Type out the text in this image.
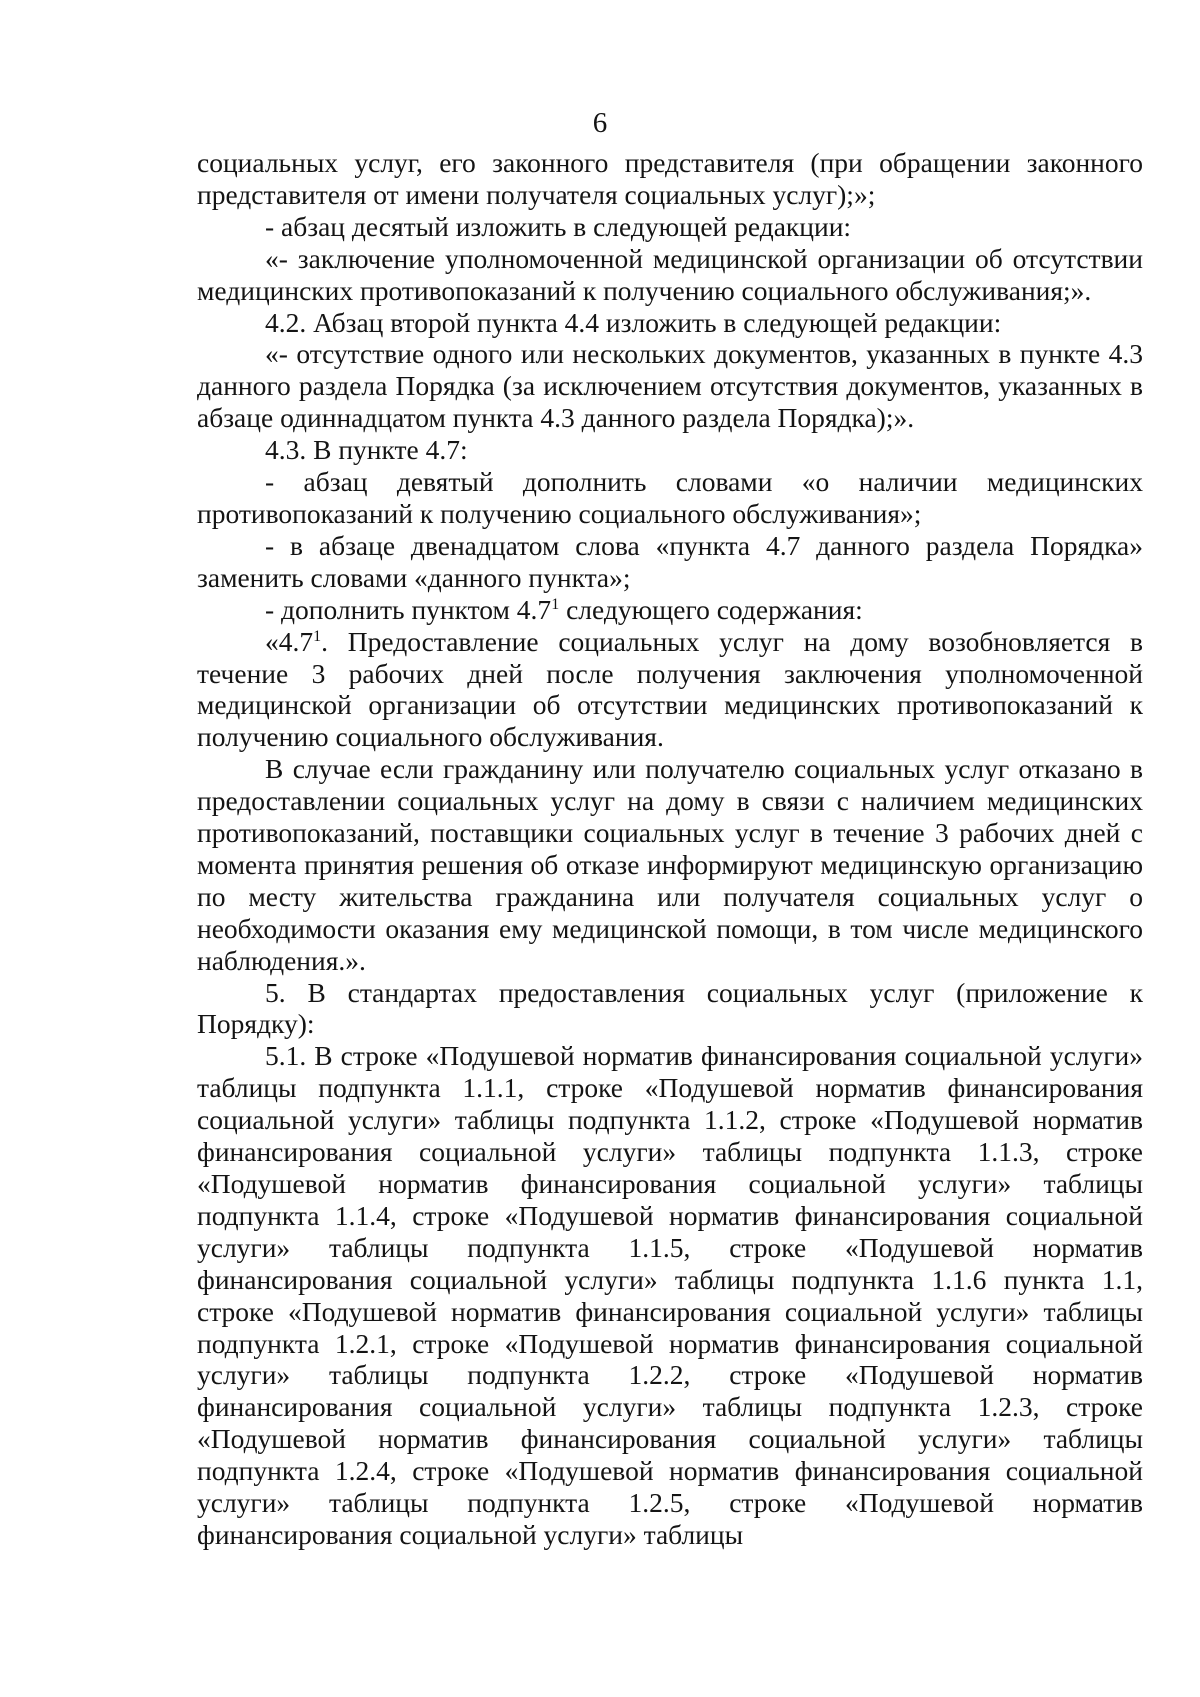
6

социальных услуг, его законного представителя (при обращении законного представителя от имени получателя социальных услуг);»;

- абзац десятый изложить в следующей редакции:

«- заключение уполномоченной медицинской организации об отсутствии медицинских противопоказаний к получению социального обслуживания;».

4.2. Абзац второй пункта 4.4 изложить в следующей редакции:

«- отсутствие одного или нескольких документов, указанных в пункте 4.3 данного раздела Порядка (за исключением отсутствия документов, указанных в абзаце одиннадцатом пункта 4.3 данного раздела Порядка);».

4.3. В пункте 4.7:

- абзац девятый дополнить словами «о наличии медицинских противопоказаний к получению социального обслуживания»;

- в абзаце двенадцатом слова «пункта 4.7 данного раздела Порядка» заменить словами «данного пункта»;

- дополнить пунктом $4.7^1$ следующего содержания:

«$4.7^1$. Предоставление социальных услуг на дому возобновляется в течение 3 рабочих дней после получения заключения уполномоченной медицинской организации об отсутствии медицинских противопоказаний к получению социального обслуживания.

В случае если гражданину или получателю социальных услуг отказано в предоставлении социальных услуг на дому в связи с наличием медицинских противопоказаний, поставщики социальных услуг в течение 3 рабочих дней с момента принятия решения об отказе информируют медицинскую организацию по месту жительства гражданина или получателя социальных услуг о необходимости оказания ему медицинской помощи, в том числе медицинского наблюдения.».

5. В стандартах предоставления социальных услуг (приложение к Порядку):

5.1. В строке «Подушевой норматив финансирования социальной услуги» таблицы подпункта 1.1.1, строке «Подушевой норматив финансирования социальной услуги» таблицы подпункта 1.1.2, строке «Подушевой норматив финансирования социальной услуги» таблицы подпункта 1.1.3, строке «Подушевой норматив финансирования социальной услуги» таблицы подпункта 1.1.4, строке «Подушевой норматив финансирования социальной услуги» таблицы подпункта 1.1.5, строке «Подушевой норматив финансирования социальной услуги» таблицы подпункта 1.1.6 пункта 1.1, строке «Подушевой норматив финансирования социальной услуги» таблицы подпункта 1.2.1, строке «Подушевой норматив финансирования социальной услуги» таблицы подпункта 1.2.2, строке «Подушевой норматив финансирования социальной услуги» таблицы подпункта 1.2.3, строке «Подушевой норматив финансирования социальной услуги» таблицы подпункта 1.2.4, строке «Подушевой норматив финансирования социальной услуги» таблицы подпункта 1.2.5, строке «Подушевой норматив финансирования социальной услуги» таблицы
